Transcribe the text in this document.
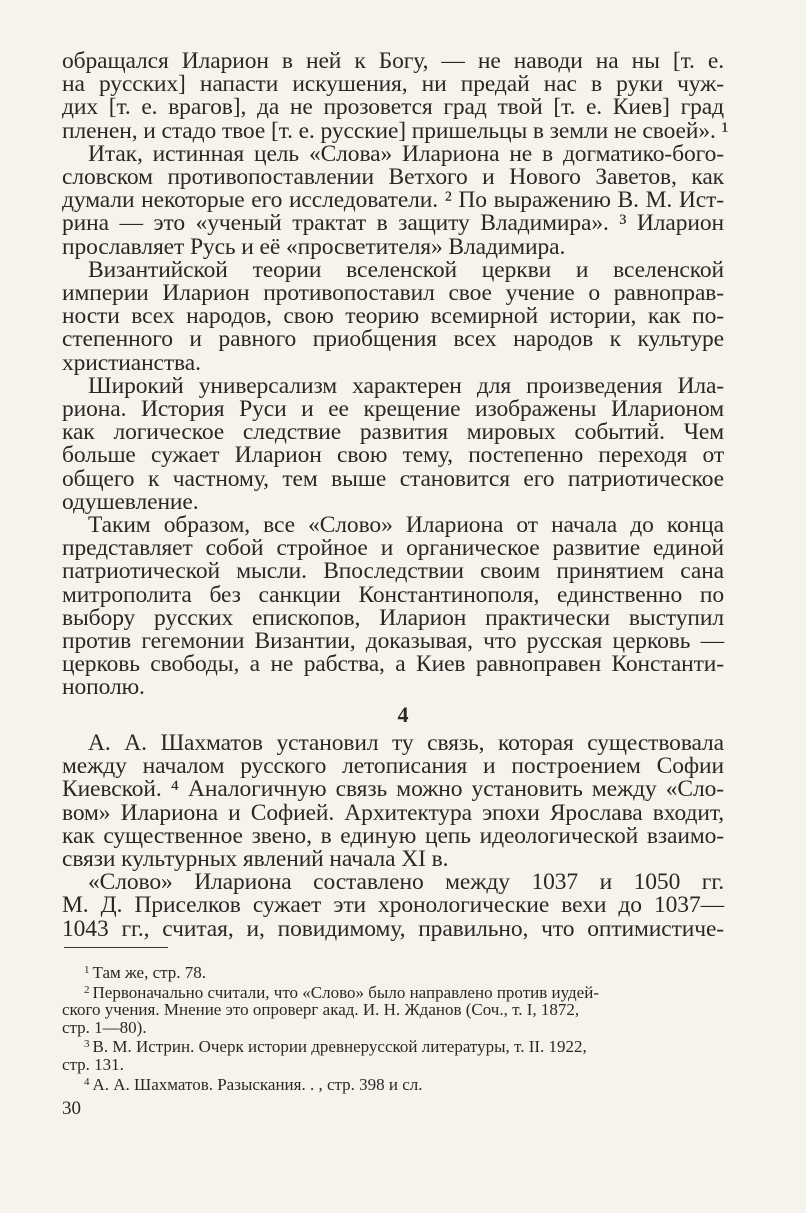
обращался Иларион в ней к Богу, — не наводи на ны [т. е.
на русских] напасти искушения, ни предай нас в руки чуж-
дих [т. е. врагов], да не прозовется град твой [т. е. Киев] град
пленен, и стадо твое [т. е. русские] пришельцы в земли не своей». ¹
Итак, истинная цель «Слова» Илариона не в догматико-бого-
словском противопоставлении Ветхого и Нового Заветов, как
думали некоторые его исследователи. ² По выражению В. М. Ист-
рина — это «ученый трактат в защиту Владимира». ³ Иларион
прославляет Русь и её «просветителя» Владимира.
Византийской теории вселенской церкви и вселенской
империи Иларион противопоставил свое учение о равноправ-
ности всех народов, свою теорию всемирной истории, как по-
степенного и равного приобщения всех народов к культуре
христианства.
Широкий универсализм характерен для произведения Ила-
риона. История Руси и ее крещение изображены Иларионом
как логическое следствие развития мировых событий. Чем
больше сужает Иларион свою тему, постепенно переходя от
общего к частному, тем выше становится его патриотическое
одушевление.
Таким образом, все «Слово» Илариона от начала до конца
представляет собой стройное и органическое развитие единой
патриотической мысли. Впоследствии своим принятием сана
митрополита без санкции Константинополя, единственно по
выбору русских епископов, Иларион практически выступил
против гегемонии Византии, доказывая, что русская церковь —
церковь свободы, а не рабства, а Киев равноправен Константи-
нополю.
4
А. А. Шахматов установил ту связь, которая существовала
между началом русского летописания и построением Софии
Киевской. ⁴ Аналогичную связь можно установить между «Сло-
вом» Илариона и Софией. Архитектура эпохи Ярослава входит,
как существенное звено, в единую цепь идеологической взаимо-
связи культурных явлений начала XI в.
«Слово» Илариона составлено между 1037 и 1050 гг.
М. Д. Приселков сужает эти хронологические вехи до 1037—
1043 гг., считая, и, повидимому, правильно, что оптимистиче-
$^1$ Там же, стр. 78.
$^2$ Первоначально считали, что «Слово» было направлено против иудей-
ского учения. Мнение это опроверг акад. И. Н. Жданов (Соч., т. I, 1872,
стр. 1—80).
$^3$ В. М. Истрин. Очерк истории древнерусской литературы, т. II. 1922,
стр. 131.
$^4$ А. А. Шахматов. Разыскания. . , стр. 398 и сл.
30
